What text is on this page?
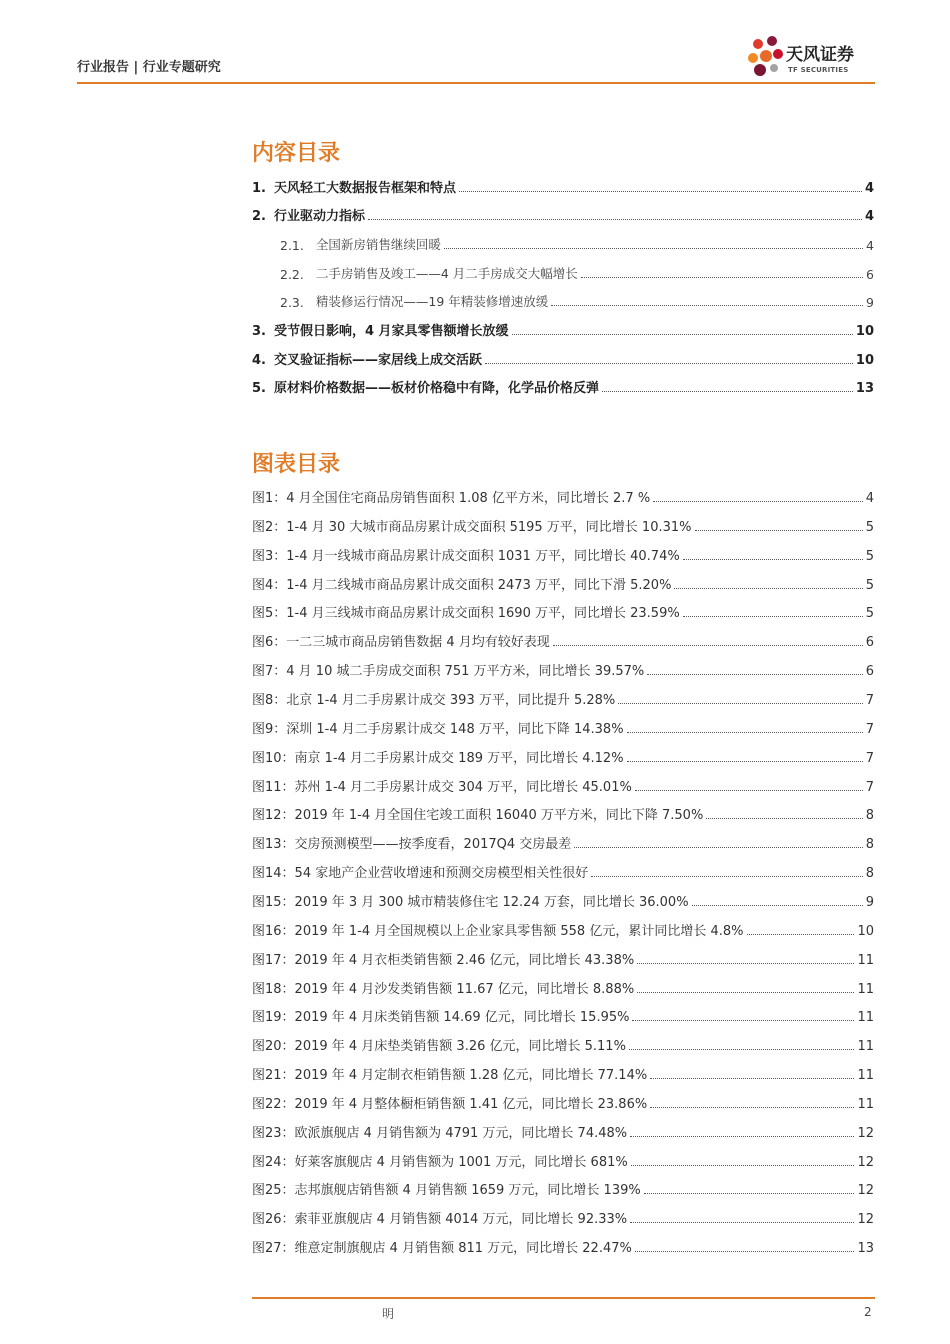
行业报告 | 行业专题研究
天风证券
TF SECURITIES
内容目录
1. 天风轻工大数据报告框架和特点	4
2. 行业驱动力指标	4
2.1. 全国新房销售继续回暖	4
2.2. 二手房销售及竣工——4 月二手房成交大幅增长	6
2.3. 精装修运行情况——19 年精装修增速放缓	9
3. 受节假日影响，4 月家具零售额增长放缓	10
4. 交叉验证指标——家居线上成交活跃	10
5. 原材料价格数据——板材价格稳中有降，化学品价格反弹	13
图表目录
图1：4 月全国住宅商品房销售面积 1.08 亿平方米，同比增长 2.7 %	4
图2：1-4 月 30 大城市商品房累计成交面积 5195 万平，同比增长 10.31%	5
图3：1-4 月一线城市商品房累计成交面积 1031 万平，同比增长 40.74%	5
图4：1-4 月二线城市商品房累计成交面积 2473 万平，同比下滑 5.20%	5
图5：1-4 月三线城市商品房累计成交面积 1690 万平，同比增长 23.59%	5
图6：一二三城市商品房销售数据 4 月均有较好表现	6
图7：4 月 10 城二手房成交面积 751 万平方米，同比增长 39.57%	6
图8：北京 1-4 月二手房累计成交 393 万平，同比提升 5.28%	7
图9：深圳 1-4 月二手房累计成交 148 万平，同比下降 14.38%	7
图10：南京 1-4 月二手房累计成交 189 万平，同比增长 4.12%	7
图11：苏州 1-4 月二手房累计成交 304 万平，同比增长 45.01%	7
图12：2019 年 1-4 月全国住宅竣工面积 16040 万平方米，同比下降 7.50%	8
图13：交房预测模型——按季度看，2017Q4 交房最差	8
图14：54 家地产企业营收增速和预测交房模型相关性很好	8
图15：2019 年 3 月 300 城市精装修住宅 12.24 万套，同比增长 36.00%	9
图16：2019 年 1-4 月全国规模以上企业家具零售额 558 亿元，累计同比增长 4.8%	10
图17：2019 年 4 月衣柜类销售额 2.46 亿元，同比增长 43.38%	11
图18：2019 年 4 月沙发类销售额 11.67 亿元，同比增长 8.88%	11
图19：2019 年 4 月床类销售额 14.69 亿元，同比增长 15.95%	11
图20：2019 年 4 月床垫类销售额 3.26 亿元，同比增长 5.11%	11
图21：2019 年 4 月定制衣柜销售额 1.28 亿元，同比增长 77.14%	11
图22：2019 年 4 月整体橱柜销售额 1.41 亿元，同比增长 23.86%	11
图23：欧派旗舰店 4 月销售额为 4791 万元，同比增长 74.48%	12
图24：好莱客旗舰店 4 月销售额为 1001 万元，同比增长 681%	12
图25：志邦旗舰店销售额 4 月销售额 1659 万元，同比增长 139%	12
图26：索菲亚旗舰店 4 月销售额 4014 万元，同比增长 92.33%	12
图27：维意定制旗舰店 4 月销售额 811 万元，同比增长 22.47%	13
明	2
